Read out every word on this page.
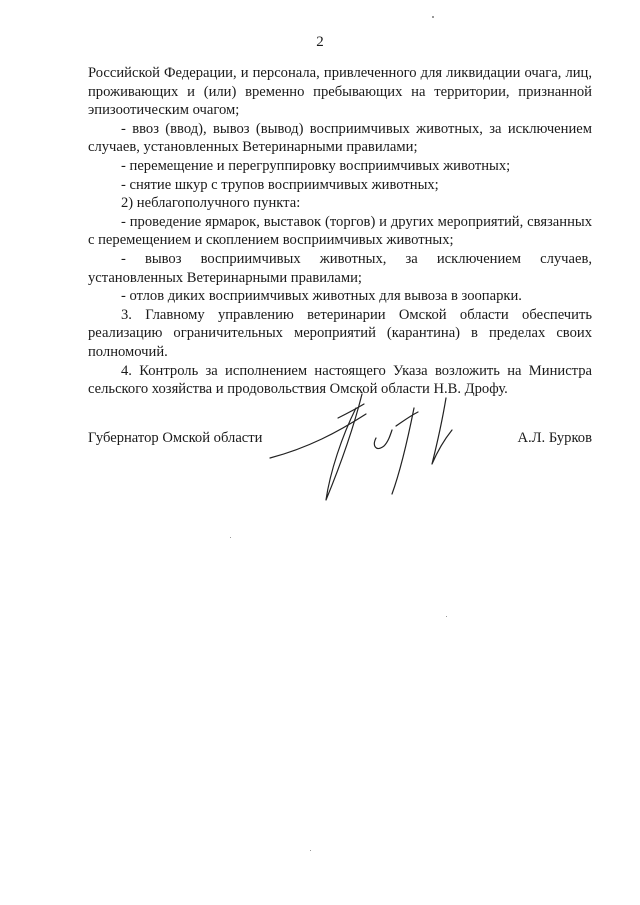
2

Российской Федерации, и персонала, привлеченного для ликвидации очага, лиц, проживающих и (или) временно пребывающих на территории, признанной эпизоотическим очагом;

- ввоз (ввод), вывоз (вывод) восприимчивых животных, за исключением случаев, установленных Ветеринарными правилами;

- перемещение и перегруппировку восприимчивых животных;

- снятие шкур с трупов восприимчивых животных;

2) неблагополучного пункта:

- проведение ярмарок, выставок (торгов) и других мероприятий, связанных с перемещением и скоплением восприимчивых животных;

- вывоз восприимчивых животных, за исключением случаев, установленных Ветеринарными правилами;

- отлов диких восприимчивых животных для вывоза в зоопарки.

3. Главному управлению ветеринарии Омской области обеспечить реализацию ограничительных мероприятий (карантина) в пределах своих полномочий.

4. Контроль за исполнением настоящего Указа возложить на Министра сельского хозяйства и продовольствия Омской области Н.В. Дрофу.

Губернатор Омской области	А.Л. Бурков
